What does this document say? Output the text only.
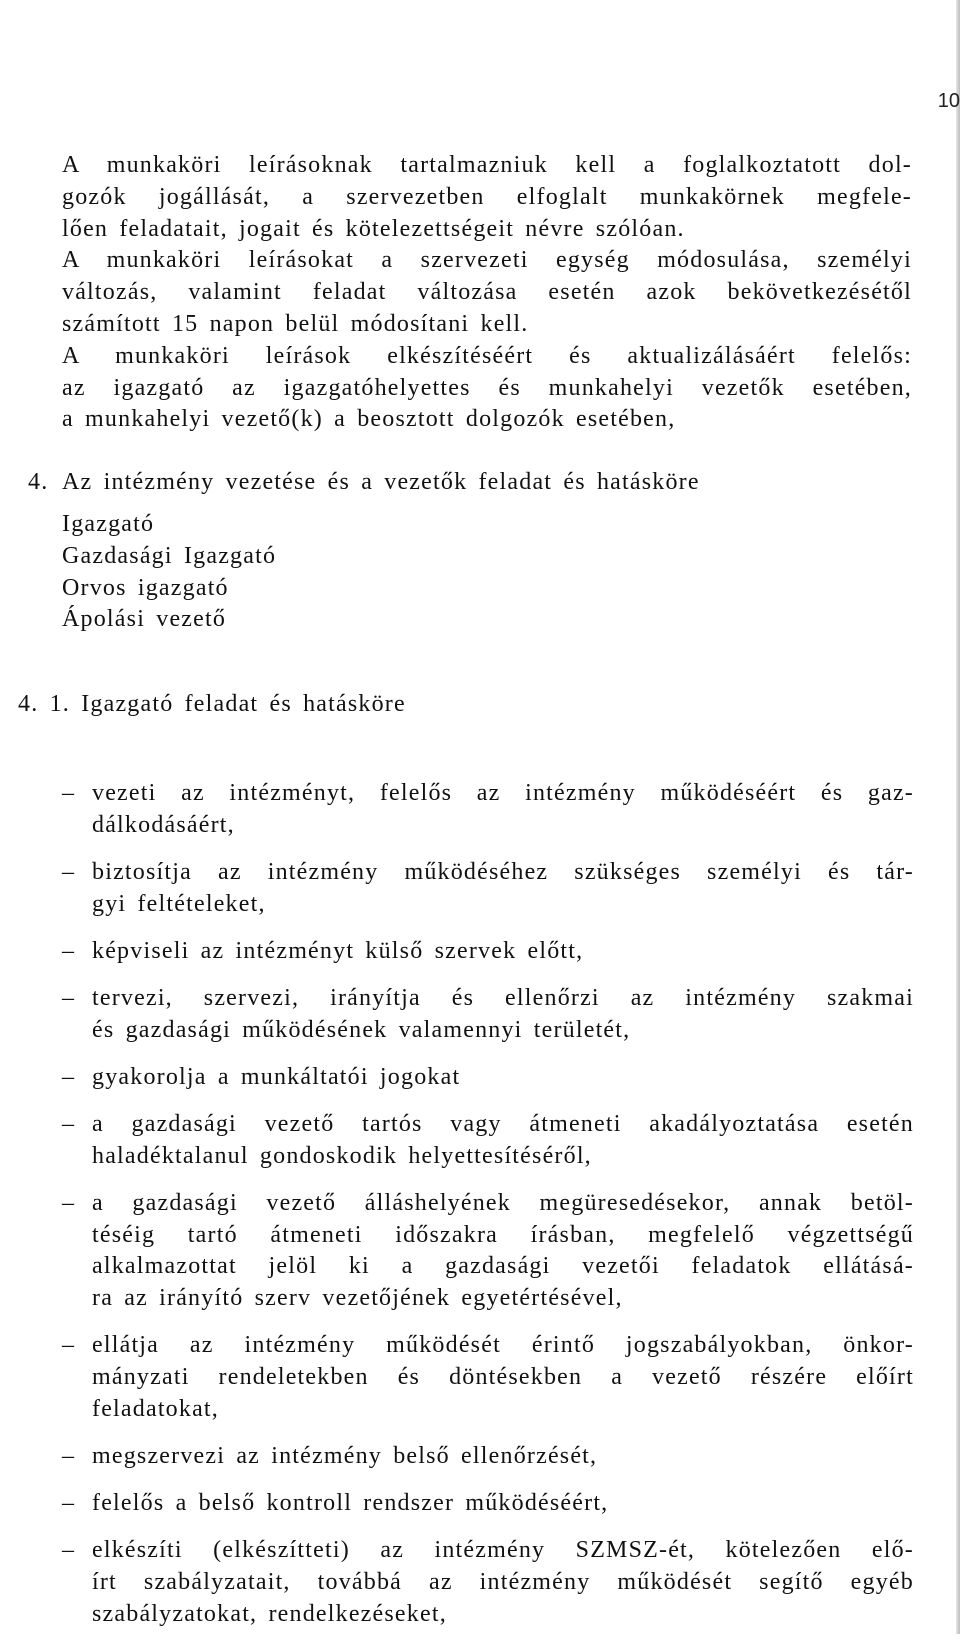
10
A munkaköri leírásoknak tartalmazniuk kell a foglalkoztatott dol-
gozók jogállását, a szervezetben elfoglalt munkakörnek megfele-
lően feladatait, jogait és kötelezettségeit névre szólóan.
A munkaköri leírásokat a szervezeti egység módosulása, személyi
változás, valamint feladat változása esetén azok bekövetkezésétől
számított 15 napon belül módosítani kell.
A munkaköri leírások elkészítéséért és aktualizálásáért felelős:
az igazgató az igazgatóhelyettes és munkahelyi vezetők esetében,
a munkahelyi vezető(k) a beosztott dolgozók esetében,
4. Az intézmény vezetése és a vezetők feladat és hatásköre
Igazgató
Gazdasági Igazgató
Orvos igazgató
Ápolási vezető
4. 1. Igazgató feladat és hatásköre
– vezeti az intézményt, felelős az intézmény működéséért és gaz-
dálkodásáért,
– biztosítja az intézmény működéséhez szükséges személyi és tár-
gyi feltételeket,
– képviseli az intézményt külső szervek előtt,
– tervezi, szervezi, irányítja és ellenőrzi az intézmény szakmai
és gazdasági működésének valamennyi területét,
– gyakorolja a munkáltatói jogokat
– a gazdasági vezető tartós vagy átmeneti akadályoztatása esetén
haladéktalanul gondoskodik helyettesítéséről,
– a gazdasági vezető álláshelyének megüresedésekor, annak betöl-
téséig tartó átmeneti időszakra írásban, megfelelő végzettségű
alkalmazottat jelöl ki a gazdasági vezetői feladatok ellátásá-
ra az irányító szerv vezetőjének egyetértésével,
– ellátja az intézmény működését érintő jogszabályokban, önkor-
mányzati rendeletekben és döntésekben a vezető részére előírt
feladatokat,
– megszervezi az intézmény belső ellenőrzését,
– felelős a belső kontroll rendszer működéséért,
– elkészíti (elkészítteti) az intézmény SZMSZ-ét, kötelezően elő-
írt szabályzatait, továbbá az intézmény működését segítő egyéb
szabályzatokat, rendelkezéseket,
